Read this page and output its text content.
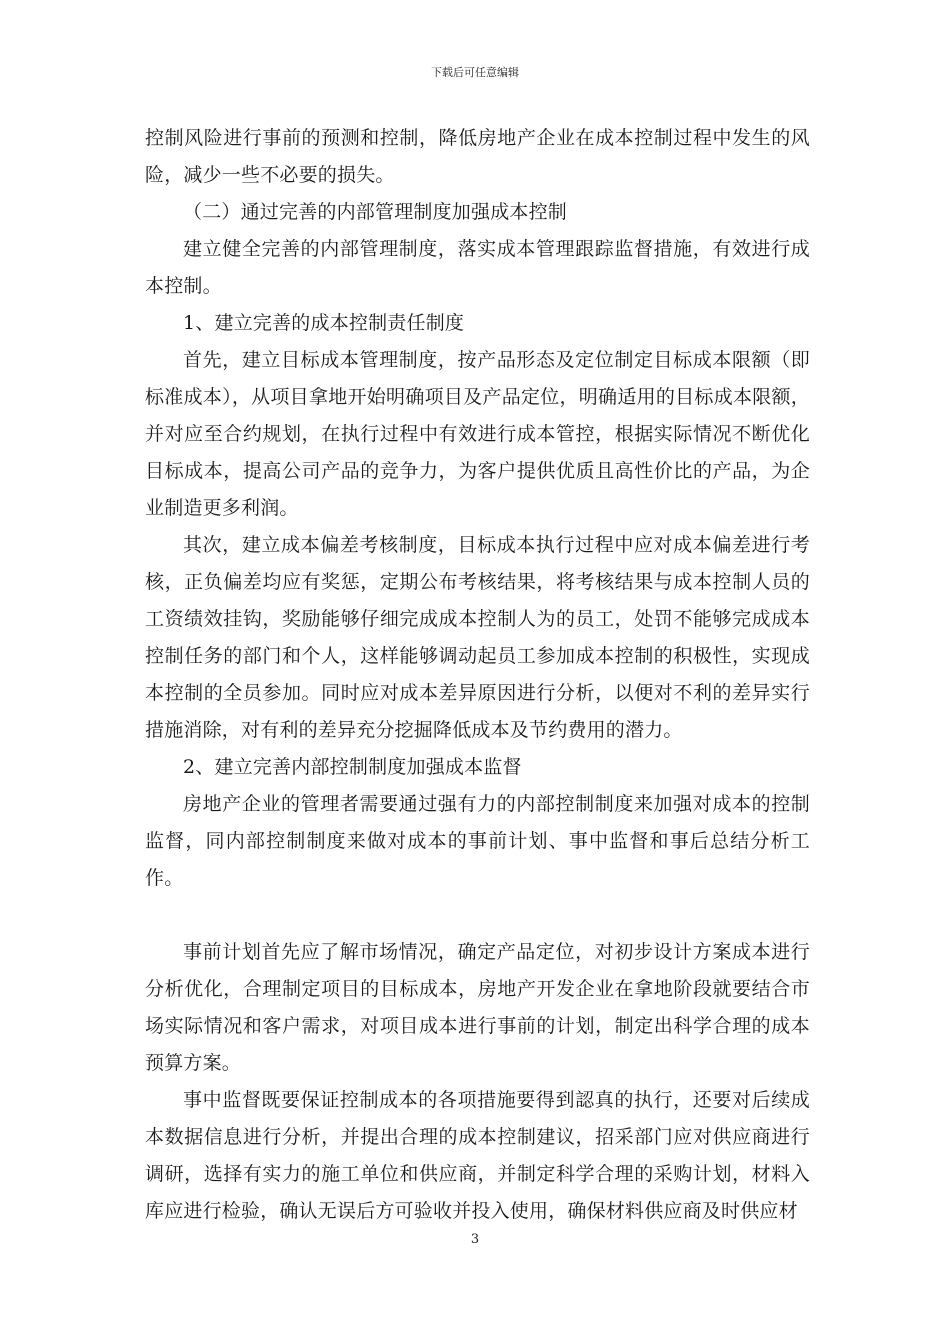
下载后可任意编辑

控制风险进行事前的预测和控制，降低房地产企业在成本控制过程中发生的风险，减少一些不必要的损失。

（二）通过完善的内部管理制度加强成本控制

建立健全完善的内部管理制度，落实成本管理跟踪监督措施，有效进行成本控制。

1、建立完善的成本控制责任制度

首先，建立目标成本管理制度，按产品形态及定位制定目标成本限额（即标准成本），从项目拿地开始明确项目及产品定位，明确适用的目标成本限额，并对应至合约规划，在执行过程中有效进行成本管控，根据实际情况不断优化目标成本，提高公司产品的竞争力，为客户提供优质且高性价比的产品，为企业制造更多利润。

其次，建立成本偏差考核制度，目标成本执行过程中应对成本偏差进行考核，正负偏差均应有奖惩，定期公布考核结果，将考核结果与成本控制人员的工资绩效挂钩，奖励能够仔细完成成本控制人为的员工，处罚不能够完成成本控制任务的部门和个人，这样能够调动起员工参加成本控制的积极性，实现成本控制的全员参加。同时应对成本差异原因进行分析，以便对不利的差异实行措施消除，对有利的差异充分挖掘降低成本及节约费用的潜力。

2、建立完善内部控制制度加强成本监督

房地产企业的管理者需要通过强有力的内部控制制度来加强对成本的控制监督，同内部控制制度来做对成本的事前计划、事中监督和事后总结分析工作。

事前计划首先应了解市场情况，确定产品定位，对初步设计方案成本进行分析优化，合理制定项目的目标成本，房地产开发企业在拿地阶段就要结合市场实际情况和客户需求，对项目成本进行事前的计划，制定出科学合理的成本预算方案。

事中监督既要保证控制成本的各项措施要得到認真的执行，还要对后续成本数据信息进行分析，并提出合理的成本控制建议，招采部门应对供应商进行调研，选择有实力的施工单位和供应商，并制定科学合理的采购计划，材料入库应进行检验，确认无误后方可验收并投入使用，确保材料供应商及时供应材

3
